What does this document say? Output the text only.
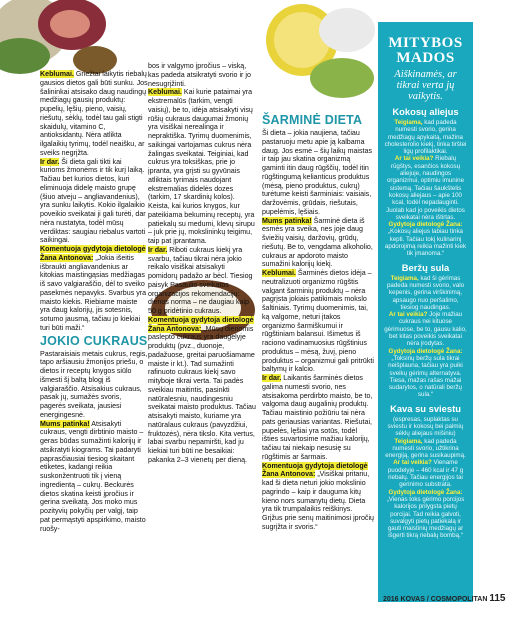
Keblumai. Griežtai laikytis riebalų gausios dietos gali būti sunku. Jos šalininkai atsisako daug naudingų medžiagų gausių produktų: pupelių, lęšių, pieno, vaisių, riešutų, sėklų, todėl tau gali stigti skaidulų, vitamino C, antioksidantų. Nėra atlikta ilgalaikių tyrimų, todėl neaišku, ar sveiks negrįžta.

Ir dar. Ši dieta gali tikti kai kurioms žmonėms ir tik kurį laiką. Tačiau bet kurios dietos, kuri eliminuoja didelę maisto grupę (šiuo atveju – angliavandenius), yra sunku laikytis. Kokio ilgalaikio poveikio sveikatai ji gali turėti, dar nėra nustatyta, todėl mūsų verdiktas: saugiau riebalus vartoti saikingai.

Komentuoja gydytoja dietologė Žana Antonova: „Jokia išeitis išbraukti angliavandenius ar kitokias maistingąsias medžiagas iš savo valgiaraščio, dėl to sveiko pasekmės nepavyks. Svarbus yra maisto kiekis. Riebiame maiste yra daug kalorijų, jis sotesnis, sotumo jausmą, tačiau jo kiekiai turi būti maži.“

JOKIO CUKRAUS

Pastaraisiais metais cukrus, regis, tapo aršiausiu žmonijos priešu, o dietos ir receptų knygos siūlo išmesti šį baltą blogį iš valgiaraščio. Atsisakius cukraus, pasak jų, sumažės svoris, pagerės sveikata, jausiesi energingesnė.

Mums patinka! Atsisakyti cukraus, vengti dirbtinio maisto – geras būdas sumažinti kalorijų ir atsikratyti kiograms. Tai padaryti paprasčiausiai tiesiog skaitant etiketes, kadangi reikia suskonžentruoti tik į vieną ingredientą – cukrų. Beckurės dietos skatina keisti įpročius ir gerina sveikatą. Jos moko mus pozityvių pokyčių per valgį, taip pat permąstyti apspirkimo, maisto ruošy-

bos ir valgymo įpročius – viską, kas padeda atsikratyti svorio ir jo nesugrįžinti.

Keblumai. Kai kurie pataimai yra ekstremalūs (tarkim, vengti vaisių), be to, idėja atsisakyti visų rūšių cukraus daugumai žmonių yra visiškai nerealinga ir nepraktiška. Tyrimų duomenimis, saikingai vartojamas cukrus nėra žalingas sveikatai. Teiginiai, kad cukrus yra toksiškas, prie jo įpranta, yra grįsti su gyvūnais atliktais tyrimais naudojant ekstremalias didelės dozes (tarkim, 17 skardinių kolos). Keista, kai kurios knygos, kur pateikiama bekuminų receptų, yra patiekalų su medumi, klevų sirupu – juk prie jų, mokslininkų teigimu, taip pat įprantama.

Ir dar. Riboti cukraus kiekį yra svarbu, tačiau tikrai nėra jokio reikalo visiškai atsisakyti pomidorų padažo ar bėcl. Tiesiog paisyk Pasaulio sveikatos organizacijos rekomendacijų: dienos norma – ne daugiau kaip 50 g pridėtinio cukraus.

Komentuoja gydytoja dietologė Žana Antonova: „Mūsų dienomis paslepto cukraus yra daugelyje produktų (pvz., duonoje, padažuose, greitai paruošiamame maiste ir kt.). Tad sumažinti rafinuoto cukraus kiekį savo mityboje tikrai verta. Tai padės sveikiau maitintis, pasinkti natūralesniu, naudingesniu sveikatai maisto produktus. Tačiau atsisakyti maisto, kuriame yra natūralaus cukraus (pavyzdžiui, fruktozės), nėra tikslo. Kita vertus, labai svarbu nepamiršti, kad ju kiekiai turi būti ne besaikiai: pakanka 2–3 vienetų per dieną.

ŠARMINĖ DIETA

Ši dieta – jokia naujiena, tačiau pastaruoju metu apie ją kalbama daug. Jos esmė – šių laikų maistas ir taip jau skatina organizmą gaminti itin daug rūgščių, todėl itin rūgštingumą kelianticus produktus (mėsą, pieno produktus, cukrų) turėtume keisti šarminiais: vaisiais, daržovėmis, grūdais, riešutais, pupelėmis, lęšiais.

Mums patinka! Šarminė dieta iš esmės yra sveika, nes joje daug šviežių vaisių, daržovių, grūdų, riešutų. Be to, vengdama alkoholio, cukraus ar apdoroto maisto sumažini kalorijų kiekį.

Keblumai. Šarminės dietos idėja – neutralizuoti organizmo rūgštis valgant šarminių produktų – nėra pagrįsta jokiais patikimais mokslo šaltiniais. Tyrimų duomenimis, tai, ką valgome, neturi įtakos organizmo šarmiškumui ir rūgštiniam balansui. Išimetus iš raciono vadinamuosius rūgštinius produktus – mėsą, žuvį, pieno produktus – organizmui gali pritrūkti baltymų ir kalcio.

Ir dar. Laikantis šarminės dietos galima numesti svorio, nes atsisakoma perdirbto maisto, be to, valgoma daug augalinių produktų. Tačiau maistinio požiūriu tai nėra pats geriausias variantas. Riešutai, pupelės, lęšiai yra sotūs, todėl išties suvartosime mažiau kalorijų, tačiau tai niekaip nesusię su rūgštimis ar šarmais.

Komentuoja gydytoja dietologė Žana Antonova: „Visiškai pritariu, kad ši dieta neturi jokio mokslinio pagrindo – kaip ir dauguma kitų kieno nors sumanytų dietų. Dieta yra tik trumpalaikis reiškinys. Grįžus prie senų maitinimosi įpročių sugrįžta ir svoris.“

MITYBOS MADOS
Aiškinamės, ar tikrai verta jų vaikytis.
Kokosų aliejus
Teigiama, kad padeda numesti svorio, gerina medžiagų apykaitą, mažina cholesterolio kiekį, tinka tirštei ligų profilaktikai.
Ar tai veikia? Riebalų rūgštys, esančios kokosų aliejuje, naudingos organizmui, optimiu imunine sistemą. Tačiau šaukštelis kokosų aliejaus – apie 100 kcal, todėl nepadauginti. Juolab kad jo poveikis dietos sveikatai nėra ištirtas.
Gydytoja dietologė Žana: „Kokosų aliejus labiau tinka kepti. Tačiau tokį kulinarinį apdorojimą reikia mažinti kiek tik įmanoma.“
Beržų sula
Teigiama, kad ši gėrimas padeda numesti svorio, valo kepenis, gerina virškinimą, apsaugo nuo peršalimo, tiesiog naudingas.
Ar tai veikia? Joje mažiau cukraus nei kituose gėrimuose, be to, gausu kalio, bet kitas poveikis sveikatai nėra įrodytas.
Gydytoja dietologė Žana: „Toksinų beržų sula tikrai neišplauna, tačiau yra puiki sveikų gėrimų alternatyva. Tiesa, mažas rašas mažai sudarytos, o natūrali beržų sula.“
Kava su sviestu
(espresas, suplaktas su sviestu ir kokosų bei palmių sėklų aliejaus mišiniu)
Teigiama, kad padeda numesti svorio, užtikrina energiją, gerina susikaupimą.
Ar tai veikia? Viename puodelyje – 460 kcal ir 47 g riebalų. Tačiau energijos tai gerinimo substrata.
Gydytoja dietologė Žana: „Vienas toks gėrimo porcijos kalorijos prilygsta pietų porcijai. Tad reikia galvoti, suvalgyti pietų patiekalą ir gauti maistinių medžiagų ar išgerti tikrą riebalų bombą.“
2016 KOVAS / COSMOPOLITAN 115
